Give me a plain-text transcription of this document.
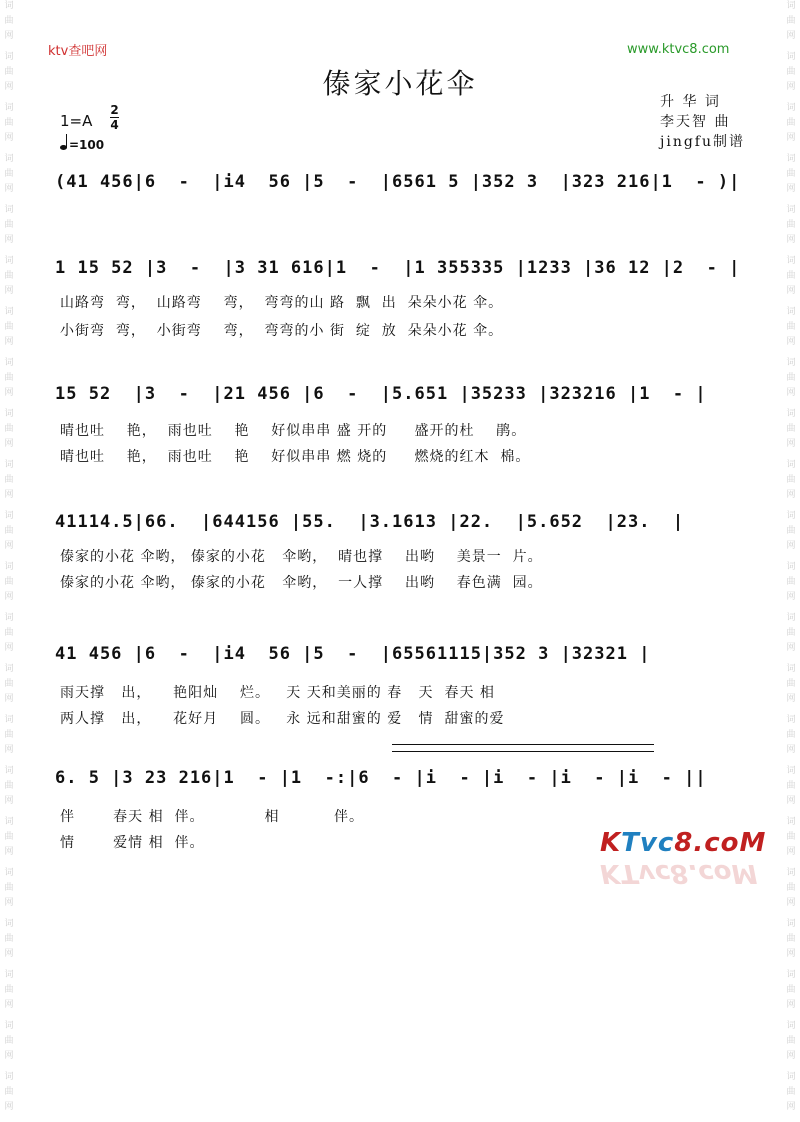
词
曲
网
词
曲
网
词
曲
网
词
曲
网
词
曲
网
词
曲
网
词
曲
网
词
曲
网
词
曲
网
词
曲
网
词
曲
网
词
曲
网
词
曲
网
词
曲
网
词
曲
网
词
曲
网
词
曲
网
词
曲
网
词
曲
网
词
曲
网
词
曲
网
词
曲
网
词
曲
网
词
曲
网
词
曲
网
词
曲
网
词
曲
网
词
曲
网
词
曲
网
词
曲
网
词
曲
网
词
曲
网
词
曲
网
词
曲
网
词
曲
网
词
曲
网
词
曲
网
词
曲
网
词
曲
网
词
曲
网
词
曲
网
词
曲
网
词
曲
网
词
曲
网
ktv查吧网	www.ktvc8.com
傣家小花伞
升 华 词
李天智 曲
jingfu制谱
1=A
2
4
=100
(41 456|6  -  |i4  56 |5  -  |6561 5 |352 3  |323 216|1  - )|
1 15 52 |3  -  |3 31 616|1  -  |1 355335 |1233 |36 12 |2  - |
山路弯  弯，  山路弯    弯，  弯弯的山 路  飘  出  朵朵小花 伞。
小街弯  弯，  小街弯    弯，  弯弯的小 街  绽  放  朵朵小花 伞。
15 52  |3  -  |21 456 |6  -  |5.651 |35233 |323216 |1  - |
晴也吐    艳，  雨也吐    艳    好似串串 盛 开的     盛开的杜    鹃。
晴也吐    艳，  雨也吐    艳    好似串串 燃 烧的     燃烧的红木  棉。
41114.5|66.  |644156 |55.  |3.1613 |22.  |5.652  |23.  |
傣家的小花 伞哟， 傣家的小花   伞哟，  晴也撑    出哟    美景一  片。
傣家的小花 伞哟， 傣家的小花   伞哟，  一人撑    出哟    春色满  园。
41 456 |6  -  |i4  56 |5  -  |65561115|352 3 |32321 |
雨天撑   出，    艳阳灿    烂。   天 天和美丽的 春   天  春天 相
两人撑   出，    花好月    圆。   永 远和甜蜜的 爱   情  甜蜜的爱
6. 5 |3 23 216|1  - |1  -:|6  - |i  - |i  - |i  - |i  - ||
伴       春天 相  伴。           相          伴。
情       爱情 相  伴。	KTvc8.coM
KTvc8.coM
